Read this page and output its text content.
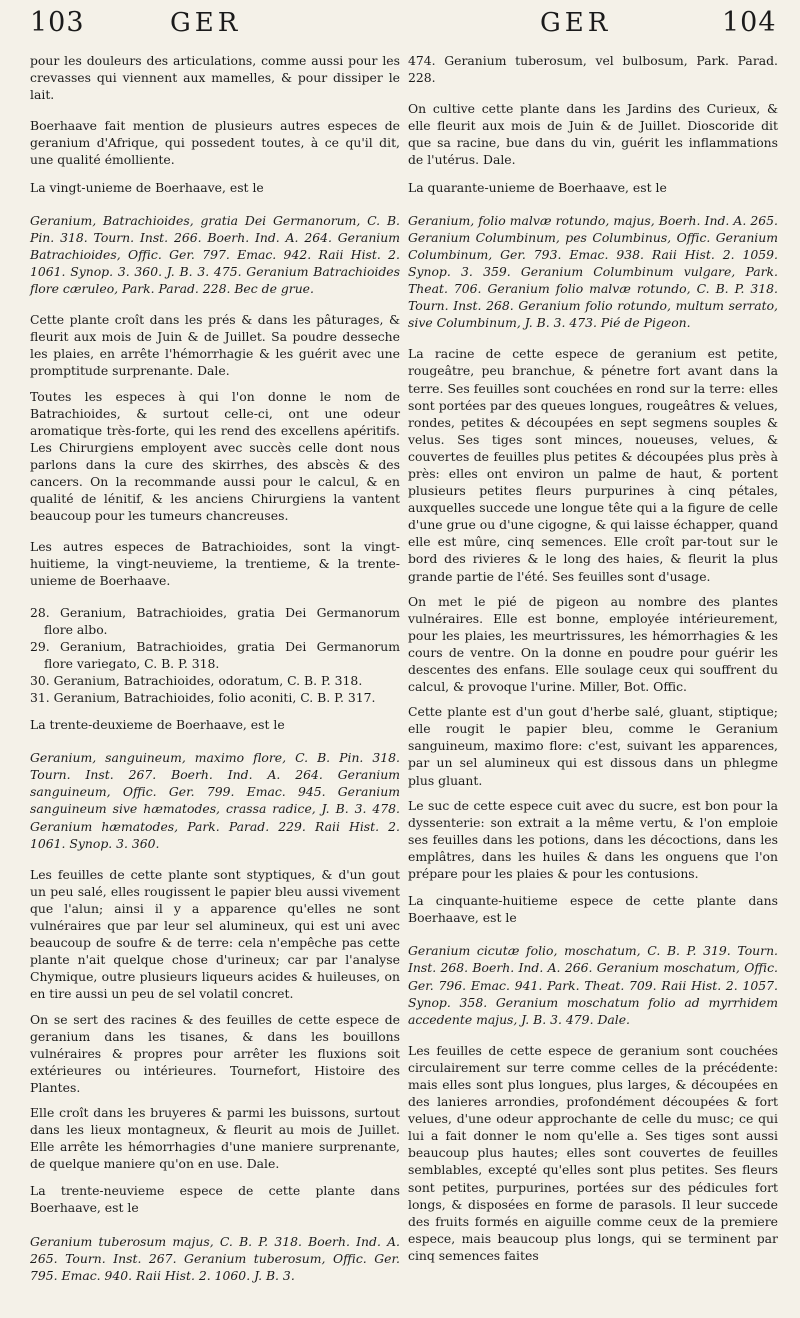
103	GER	GER	104

pour les douleurs des articulations, comme aussi pour les crevasses qui viennent aux mamelles, & pour dissiper le lait.

Boerhaave fait mention de plusieurs autres especes de geranium d'Afrique, qui possedent toutes, à ce qu'il dit, une qualité émolliente.

La vingt-unieme de Boerhaave, est le

Geranium, Batrachioides, gratia Dei Germanorum, C. B. Pin. 318. Tourn. Inst. 266. Boerh. Ind. A. 264. Geranium Batrachioides, Offic. Ger. 797. Emac. 942. Raii Hist. 2. 1061. Synop. 3. 360. J. B. 3. 475. Geranium Batrachioides flore cæruleo, Park. Parad. 228. Bec de grue.

Cette plante croît dans les prés & dans les pâturages, & fleurit aux mois de Juin & de Juillet. Sa poudre desseche les plaies, en arrête l'hémorrhagie & les guérit avec une promptitude surprenante. Dale.

Toutes les especes à qui l'on donne le nom de Batrachioides, & surtout celle-ci, ont une odeur aromatique très-forte, qui les rend des excellens apéritifs. Les Chirurgiens employent avec succès celle dont nous parlons dans la cure des skirrhes, des abscès & des cancers. On la recommande aussi pour le calcul, & en qualité de lénitif, & les anciens Chirurgiens la vantent beaucoup pour les tumeurs chancreuses.

Les autres especes de Batrachioides, sont la vingt-huitieme, la vingt-neuvieme, la trentieme, & la trente-unieme de Boerhaave.

28. Geranium, Batrachioides, gratia Dei Germanorum flore albo.

29. Geranium, Batrachioides, gratia Dei Germanorum flore variegato, C. B. P. 318.

30. Geranium, Batrachioides, odoratum, C. B. P. 318.

31. Geranium, Batrachioides, folio aconiti, C. B. P. 317.

La trente-deuxieme de Boerhaave, est le

Geranium, sanguineum, maximo flore, C. B. Pin. 318. Tourn. Inst. 267. Boerh. Ind. A. 264. Geranium sanguineum, Offic. Ger. 799. Emac. 945. Geranium sanguineum sive hæmatodes, crassa radice, J. B. 3. 478. Geranium hæmatodes, Park. Parad. 229. Raii Hist. 2. 1061. Synop. 3. 360.

Les feuilles de cette plante sont styptiques, & d'un gout un peu salé, elles rougissent le papier bleu aussi vivement que l'alun; ainsi il y a apparence qu'elles ne sont vulnéraires que par leur sel alumineux, qui est uni avec beaucoup de soufre & de terre: cela n'empêche pas cette plante n'ait quelque chose d'urineux; car par l'analyse Chymique, outre plusieurs liqueurs acides & huileuses, on en tire aussi un peu de sel volatil concret.

On se sert des racines & des feuilles de cette espece de geranium dans les tisanes, & dans les bouillons vulnéraires & propres pour arrêter les fluxions soit extérieures ou intérieures. Tournefort, Histoire des Plantes.

Elle croît dans les bruyeres & parmi les buissons, surtout dans les lieux montagneux, & fleurit au mois de Juillet. Elle arrête les hémorrhagies d'une maniere surprenante, de quelque maniere qu'on en use. Dale.

La trente-neuvieme espece de cette plante dans Boerhaave, est le

Geranium tuberosum majus, C. B. P. 318. Boerh. Ind. A. 265. Tourn. Inst. 267. Geranium tuberosum, Offic. Ger. 795. Emac. 940. Raii Hist. 2. 1060. J. B. 3.

474. Geranium tuberosum, vel bulbosum, Park. Parad. 228.

On cultive cette plante dans les Jardins des Curieux, & elle fleurit aux mois de Juin & de Juillet. Dioscoride dit que sa racine, bue dans du vin, guérit les inflammations de l'utérus. Dale.

La quarante-unieme de Boerhaave, est le

Geranium, folio malvæ rotundo, majus, Boerh. Ind. A. 265. Geranium Columbinum, pes Columbinus, Offic. Geranium Columbinum, Ger. 793. Emac. 938. Raii Hist. 2. 1059. Synop. 3. 359. Geranium Columbinum vulgare, Park. Theat. 706. Geranium folio malvæ rotundo, C. B. P. 318. Tourn. Inst. 268. Geranium folio rotundo, multum serrato, sive Columbinum, J. B. 3. 473. Pié de Pigeon.

La racine de cette espece de geranium est petite, rougeâtre, peu branchue, & pénetre fort avant dans la terre. Ses feuilles sont couchées en rond sur la terre: elles sont portées par des queues longues, rougeâtres & velues, rondes, petites & découpées en sept segmens souples & velus. Ses tiges sont minces, noueuses, velues, & couvertes de feuilles plus petites & découpées plus près à près: elles ont environ un palme de haut, & portent plusieurs petites fleurs purpurines à cinq pétales, auxquelles succede une longue tête qui a la figure de celle d'une grue ou d'une cigogne, & qui laisse échapper, quand elle est mûre, cinq semences. Elle croît par-tout sur le bord des rivieres & le long des haies, & fleurit la plus grande partie de l'été. Ses feuilles sont d'usage.

On met le pié de pigeon au nombre des plantes vulnéraires. Elle est bonne, employée intérieurement, pour les plaies, les meurtrissures, les hémorrhagies & les cours de ventre. On la donne en poudre pour guérir les descentes des enfans. Elle soulage ceux qui souffrent du calcul, & provoque l'urine. Miller, Bot. Offic.

Cette plante est d'un gout d'herbe salé, gluant, stiptique; elle rougit le papier bleu, comme le Geranium sanguineum, maximo flore: c'est, suivant les apparences, par un sel alumineux qui est dissous dans un phlegme plus gluant.

Le suc de cette espece cuit avec du sucre, est bon pour la dyssenterie: son extrait a la même vertu, & l'on emploie ses feuilles dans les potions, dans les décoctions, dans les emplâtres, dans les huiles & dans les onguens que l'on prépare pour les plaies & pour les contusions.

La cinquante-huitieme espece de cette plante dans Boerhaave, est le

Geranium cicutæ folio, moschatum, C. B. P. 319. Tourn. Inst. 268. Boerh. Ind. A. 266. Geranium moschatum, Offic. Ger. 796. Emac. 941. Park. Theat. 709. Raii Hist. 2. 1057. Synop. 358. Geranium moschatum folio ad myrrhidem accedente majus, J. B. 3. 479. Dale.

Les feuilles de cette espece de geranium sont couchées circulairement sur terre comme celles de la précédente: mais elles sont plus longues, plus larges, & découpées en des lanieres arrondies, profondément découpées & fort velues, d'une odeur approchante de celle du musc; ce qui lui a fait donner le nom qu'elle a. Ses tiges sont aussi beaucoup plus hautes; elles sont couvertes de feuilles semblables, excepté qu'elles sont plus petites. Ses fleurs sont petites, purpurines, portées sur des pédicules fort longs, & disposées en forme de parasols. Il leur succede des fruits formés en aiguille comme ceux de la premiere espece, mais beaucoup plus longs, qui se terminent par cinq semences faites
